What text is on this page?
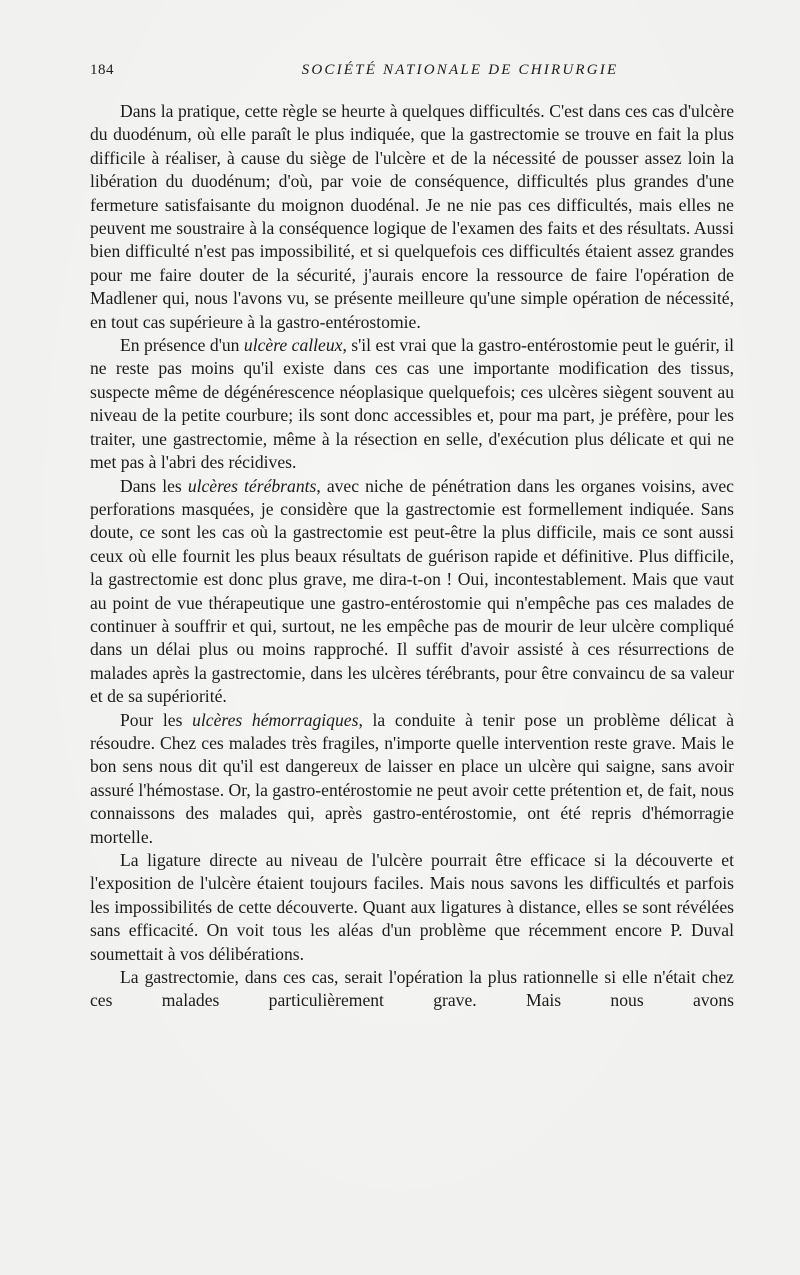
184	SOCIÉTÉ NATIONALE DE CHIRURGIE

Dans la pratique, cette règle se heurte à quelques difficultés. C'est dans ces cas d'ulcère du duodénum, où elle paraît le plus indiquée, que la gastrectomie se trouve en fait la plus difficile à réaliser, à cause du siège de l'ulcère et de la nécessité de pousser assez loin la libération du duodénum; d'où, par voie de conséquence, difficultés plus grandes d'une fermeture satisfaisante du moignon duodénal. Je ne nie pas ces difficultés, mais elles ne peuvent me soustraire à la conséquence logique de l'examen des faits et des résultats. Aussi bien difficulté n'est pas impossibilité, et si quelquefois ces difficultés étaient assez grandes pour me faire douter de la sécurité, j'aurais encore la ressource de faire l'opération de Madlener qui, nous l'avons vu, se présente meilleure qu'une simple opération de nécessité, en tout cas supérieure à la gastro-entérostomie.

En présence d'un ulcère calleux, s'il est vrai que la gastro-entérostomie peut le guérir, il ne reste pas moins qu'il existe dans ces cas une importante modification des tissus, suspecte même de dégénérescence néoplasique quelquefois; ces ulcères siègent souvent au niveau de la petite courbure; ils sont donc accessibles et, pour ma part, je préfère, pour les traiter, une gastrectomie, même à la résection en selle, d'exécution plus délicate et qui ne met pas à l'abri des récidives.

Dans les ulcères térébrants, avec niche de pénétration dans les organes voisins, avec perforations masquées, je considère que la gastrectomie est formellement indiquée. Sans doute, ce sont les cas où la gastrectomie est peut-être la plus difficile, mais ce sont aussi ceux où elle fournit les plus beaux résultats de guérison rapide et définitive. Plus difficile, la gastrectomie est donc plus grave, me dira-t-on ! Oui, incontestablement. Mais que vaut au point de vue thérapeutique une gastro-entérostomie qui n'empêche pas ces malades de continuer à souffrir et qui, surtout, ne les empêche pas de mourir de leur ulcère compliqué dans un délai plus ou moins rapproché. Il suffit d'avoir assisté à ces résurrections de malades après la gastrectomie, dans les ulcères térébrants, pour être convaincu de sa valeur et de sa supériorité.

Pour les ulcères hémorragiques, la conduite à tenir pose un problème délicat à résoudre. Chez ces malades très fragiles, n'importe quelle intervention reste grave. Mais le bon sens nous dit qu'il est dangereux de laisser en place un ulcère qui saigne, sans avoir assuré l'hémostase. Or, la gastro-entérostomie ne peut avoir cette prétention et, de fait, nous connaissons des malades qui, après gastro-entérostomie, ont été repris d'hémorragie mortelle.

La ligature directe au niveau de l'ulcère pourrait être efficace si la découverte et l'exposition de l'ulcère étaient toujours faciles. Mais nous savons les difficultés et parfois les impossibilités de cette découverte. Quant aux ligatures à distance, elles se sont révélées sans efficacité. On voit tous les aléas d'un problème que récemment encore P. Duval soumettait à vos délibérations.

La gastrectomie, dans ces cas, serait l'opération la plus rationnelle si elle n'était chez ces malades particulièrement grave. Mais nous avons
